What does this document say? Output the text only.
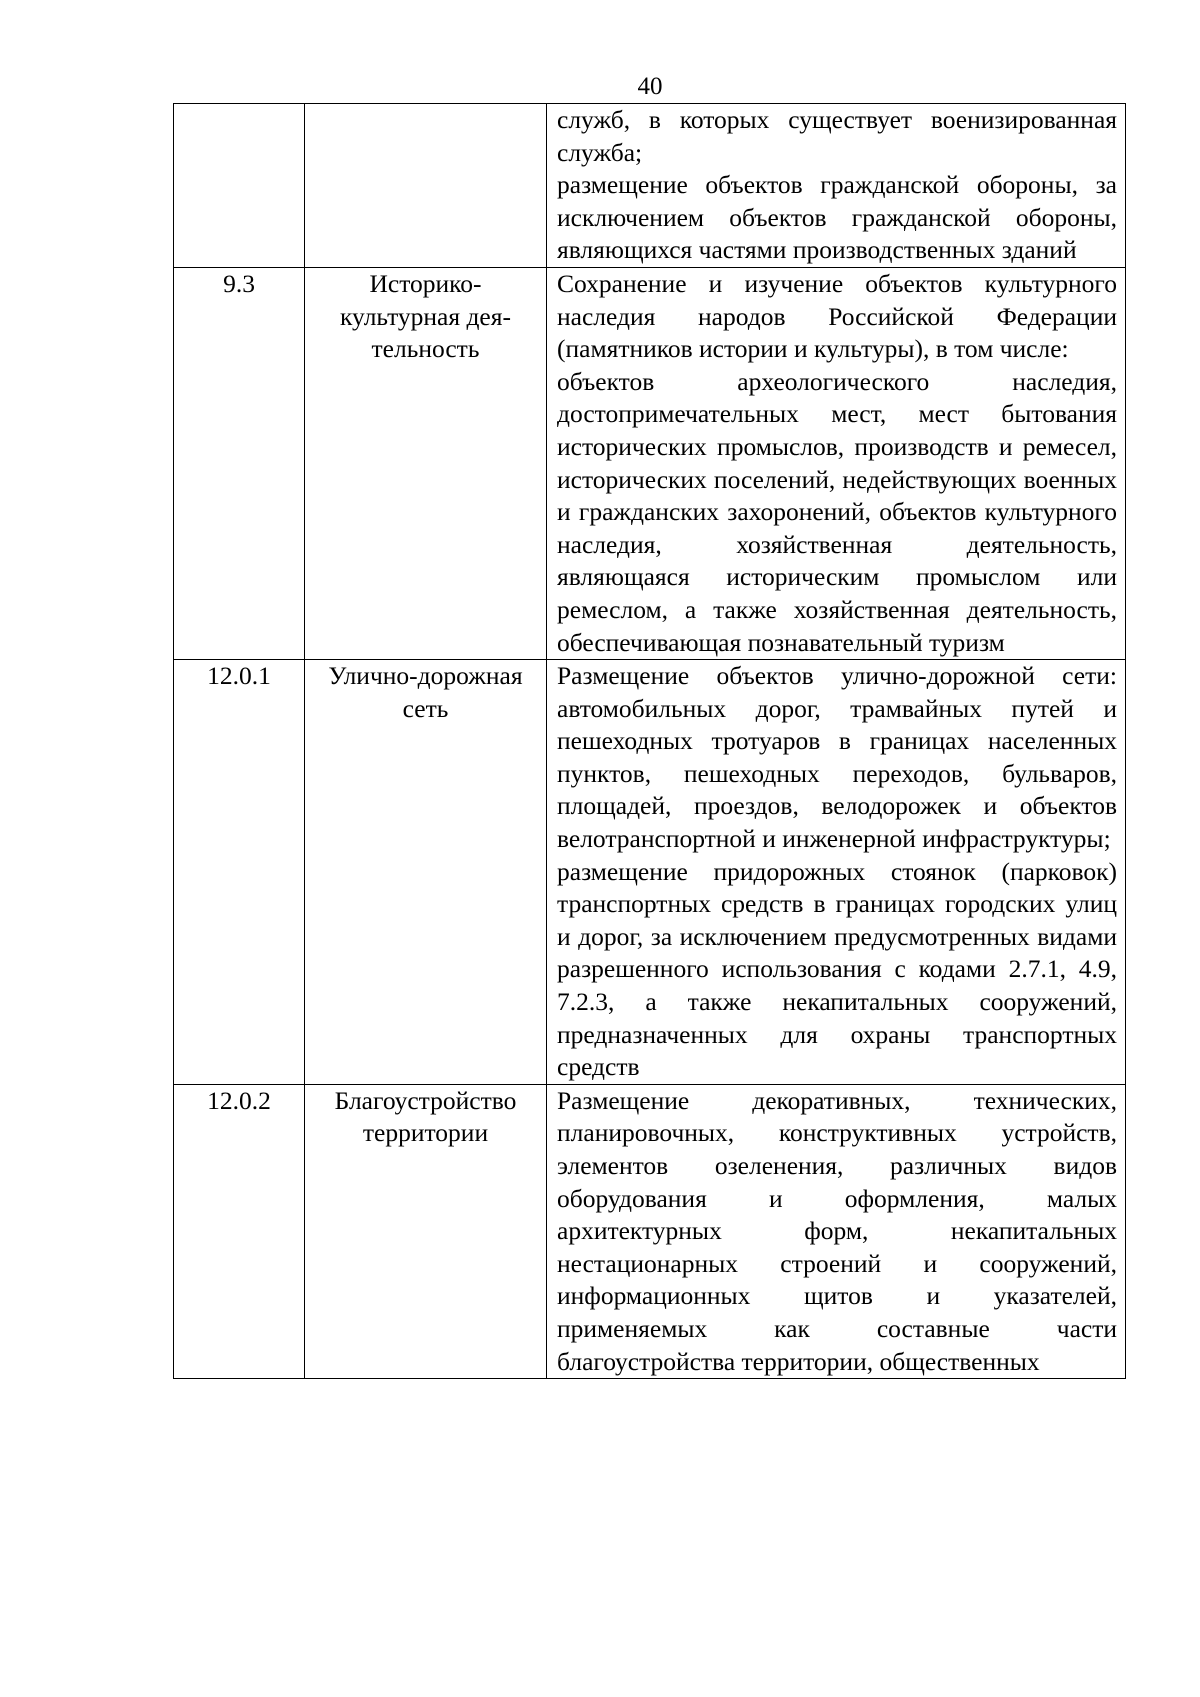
40

		служб, в которых существует военизированная служба;
размещение объектов гражданской обороны, за исключением объектов гражданской обороны, являющихся частями производственных зданий

9.3	Историко-культурная дея-тельность	Сохранение и изучение объектов культурного наследия народов Российской Федерации (памятников истории и культуры), в том числе:
объектов археологического наследия, достопримечательных мест, мест бытования исторических промыслов, производств и ремесел, исторических поселений, недействующих военных и гражданских захоронений, объектов культурного наследия, хозяйственная деятельность, являющаяся историческим промыслом или ремеслом, а также хозяйственная деятельность, обеспечивающая познавательный туризм

12.0.1	Улично-дорожная сеть	Размещение объектов улично-дорожной сети: автомобильных дорог, трамвайных путей и пешеходных тротуаров в границах населенных пунктов, пешеходных переходов, бульваров, площадей, проездов, велодорожек и объектов велотранспортной и инженерной инфраструктуры;
размещение придорожных стоянок (парковок) транспортных средств в границах городских улиц и дорог, за исключением предусмотренных видами разрешенного использования с кодами 2.7.1, 4.9, 7.2.3, а также некапитальных сооружений, предназначенных для охраны транспортных средств

12.0.2	Благоустройство территории	Размещение декоративных, технических, планировочных, конструктивных устройств, элементов озеленения, различных видов оборудования и оформления, малых архитектурных форм, некапитальных нестационарных строений и сооружений, информационных щитов и указателей, применяемых как составные части благоустройства территории, общественных
